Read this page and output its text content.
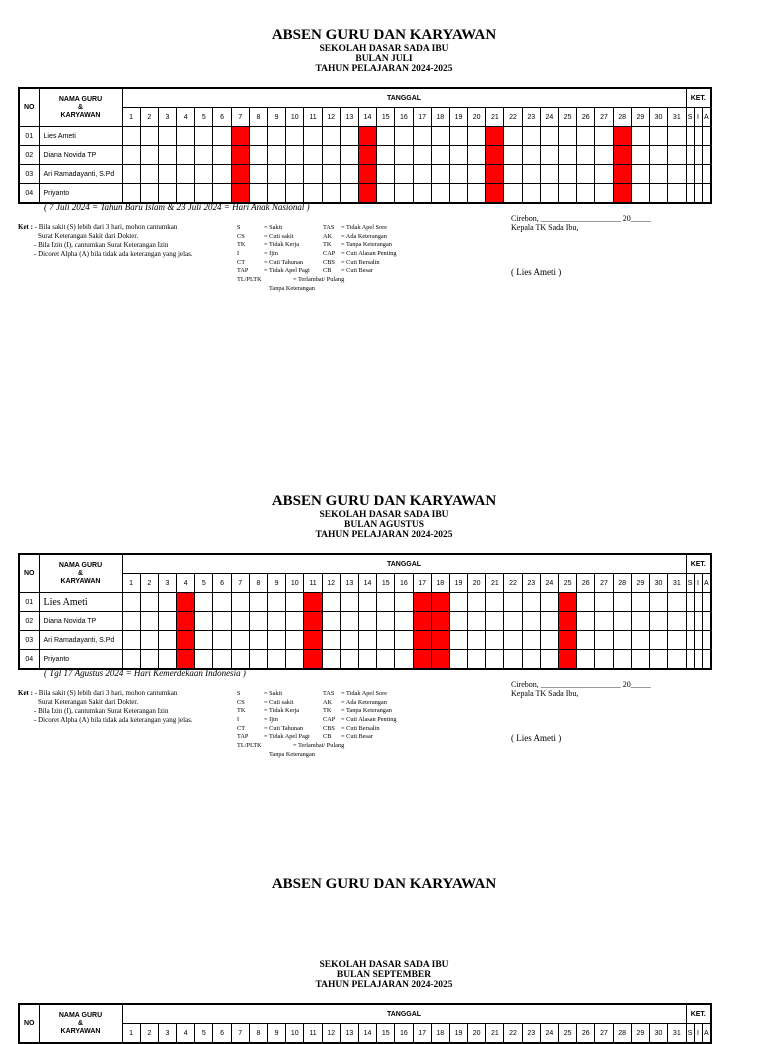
ABSEN GURU DAN KARYAWAN
SEKOLAH DASAR SADA IBU
BULAN JULI
TAHUN PELAJARAN 2024-2025
NO	NAMA GURU
&
KARYAWAN	TANGGAL																															KET.		
		1	2	3	4	5	6	7	8	9	10	11	12	13	14	15	16	17	18	19	20	21	22	23	24	25	26	27	28	29	30	31	S	I	A
01	Lies Ameti																																		
02	Diana Novida TP																																		
03	Ari Ramadayanti, S.Pd																																		
04	Priyanto																																		
( 7 Juli 2024 = Tahun Baru Islam & 23 Juli 2024 = Hari Anak Nasional )
Ket : - Bila sakit (S) lebih dari 3 hari, mohon cantumkan
Surat Keterangan Sakit dari Dokter.
- Bila Izin (I), cantumkan Surat Keterangan Izin
- Dicoret Alpha (A) bila tidak ada keterangan yang jelas.
S	= Sakit	TAS = Tidak Apel Sore
CS	= Cuti sakit	AK = Ada Keterangan
TK	= Tidak Kerja	TK = Tanpa Keterangan
I	= Ijin	CAP = Cuti Alasan Penting
CT	= Cuti Tahunan	CBS = Cuti Bersalin
TAP = Tidak Apel Pagi CB = Cuti Besar
TL/PLTK	= Terlambat/ Pulang
Tanpa Keterangan
Cirebon, ____________________ 20_____
Kepala TK Sada Ibu,
( Lies Ameti )
ABSEN GURU DAN KARYAWAN
SEKOLAH DASAR SADA IBU
BULAN AGUSTUS
TAHUN PELAJARAN 2024-2025
NO	NAMA GURU
&
KARYAWAN	TANGGAL																															KET.		
		1	2	3	4	5	6	7	8	9	10	11	12	13	14	15	16	17	18	19	20	21	22	23	24	25	26	27	28	29	30	31	S	I	A
01	Lies Ameti																																		
02	Diana Novida TP																																		
03	Ari Ramadayanti, S.Pd																																		
04	Priyanto																																		
( Tgl 17 Agustus 2024 = Hari Kemerdekaan Indonesia )
Ket : - Bila sakit (S) lebih dari 3 hari, mohon cantumkan
Surat Keterangan Sakit dari Dokter.
- Bila Izin (I), cantumkan Surat Keterangan Izin
- Dicoret Alpha (A) bila tidak ada keterangan yang jelas.
S	= Sakit	TAS = Tidak Apel Sore
CS	= Cuti sakit	AK = Ada Keterangan
TK	= Tidak Kerja	TK = Tanpa Keterangan
I	= Ijin	CAP = Cuti Alasan Penting
CT	= Cuti Tahunan	CBS = Cuti Bersalin
TAP = Tidak Apel Pagi CB = Cuti Besar
TL/PLTK	= Terlambat/ Pulang
Tanpa Keterangan
Cirebon, ____________________ 20_____
Kepala TK Sada Ibu,
( Lies Ameti )
ABSEN GURU DAN KARYAWAN
SEKOLAH DASAR SADA IBU
BULAN SEPTEMBER
TAHUN PELAJARAN 2024-2025
NO	NAMA GURU
&
KARYAWAN	TANGGAL																															KET.		
		1	2	3	4	5	6	7	8	9	10	11	12	13	14	15	16	17	18	19	20	21	22	23	24	25	26	27	28	29	30	31	S	I	A
